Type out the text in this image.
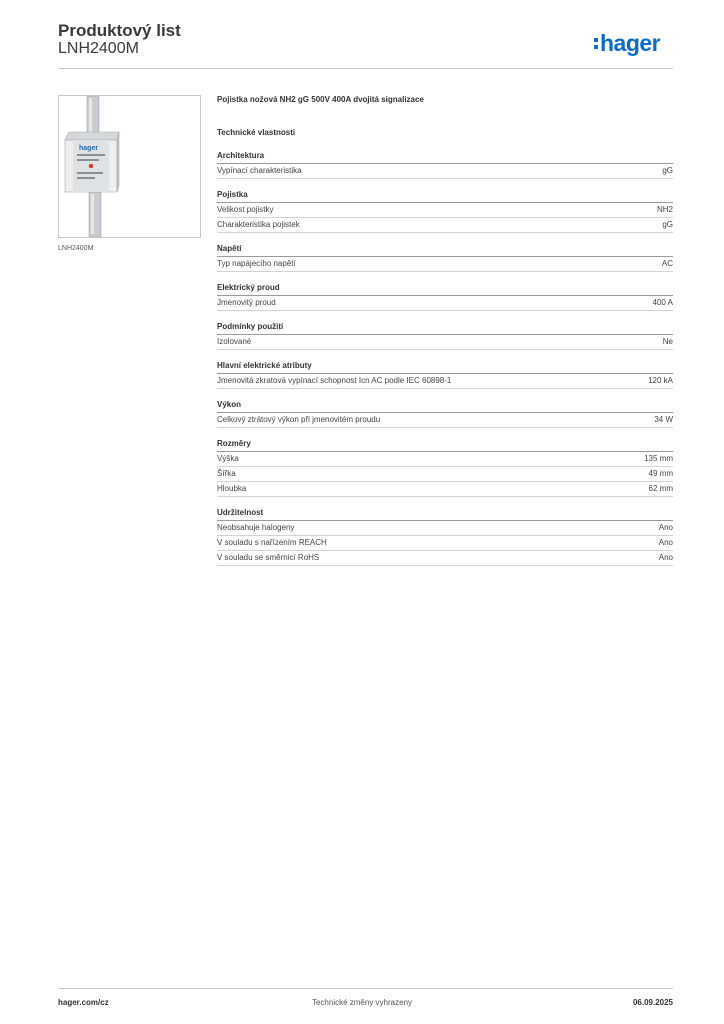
Produktový list
LNH2400M	hager
hager
LNH2400M
Pojistka nožová NH2 gG 500V 400A dvojitá signalizace
Technické vlastnosti
Architektura
Vypínací charakteristika	gG
Pojistka
Velikost pojistky	NH2
Charakteristika pojistek	gG
Napětí
Typ napájecího napětí	AC
Elektrický proud
Jmenovitý proud	400 A
Podmínky použití
Izolované	Ne
Hlavní elektrické atributy
Jmenovitá zkratová vypínací schopnost Icn AC podle IEC 60898-1	120 kA
Výkon
Celkový ztrátový výkon při jmenovitém proudu	34 W
Rozměry
Výška	135 mm
Šířka	49 mm
Hloubka	62 mm
Udržitelnost
Neobsahuje halogeny	Ano
V souladu s nařízením REACH	Ano
V souladu se směrnicí RoHS	Ano
hager.com/cz	Technické změny vyhrazeny	06.09.2025
